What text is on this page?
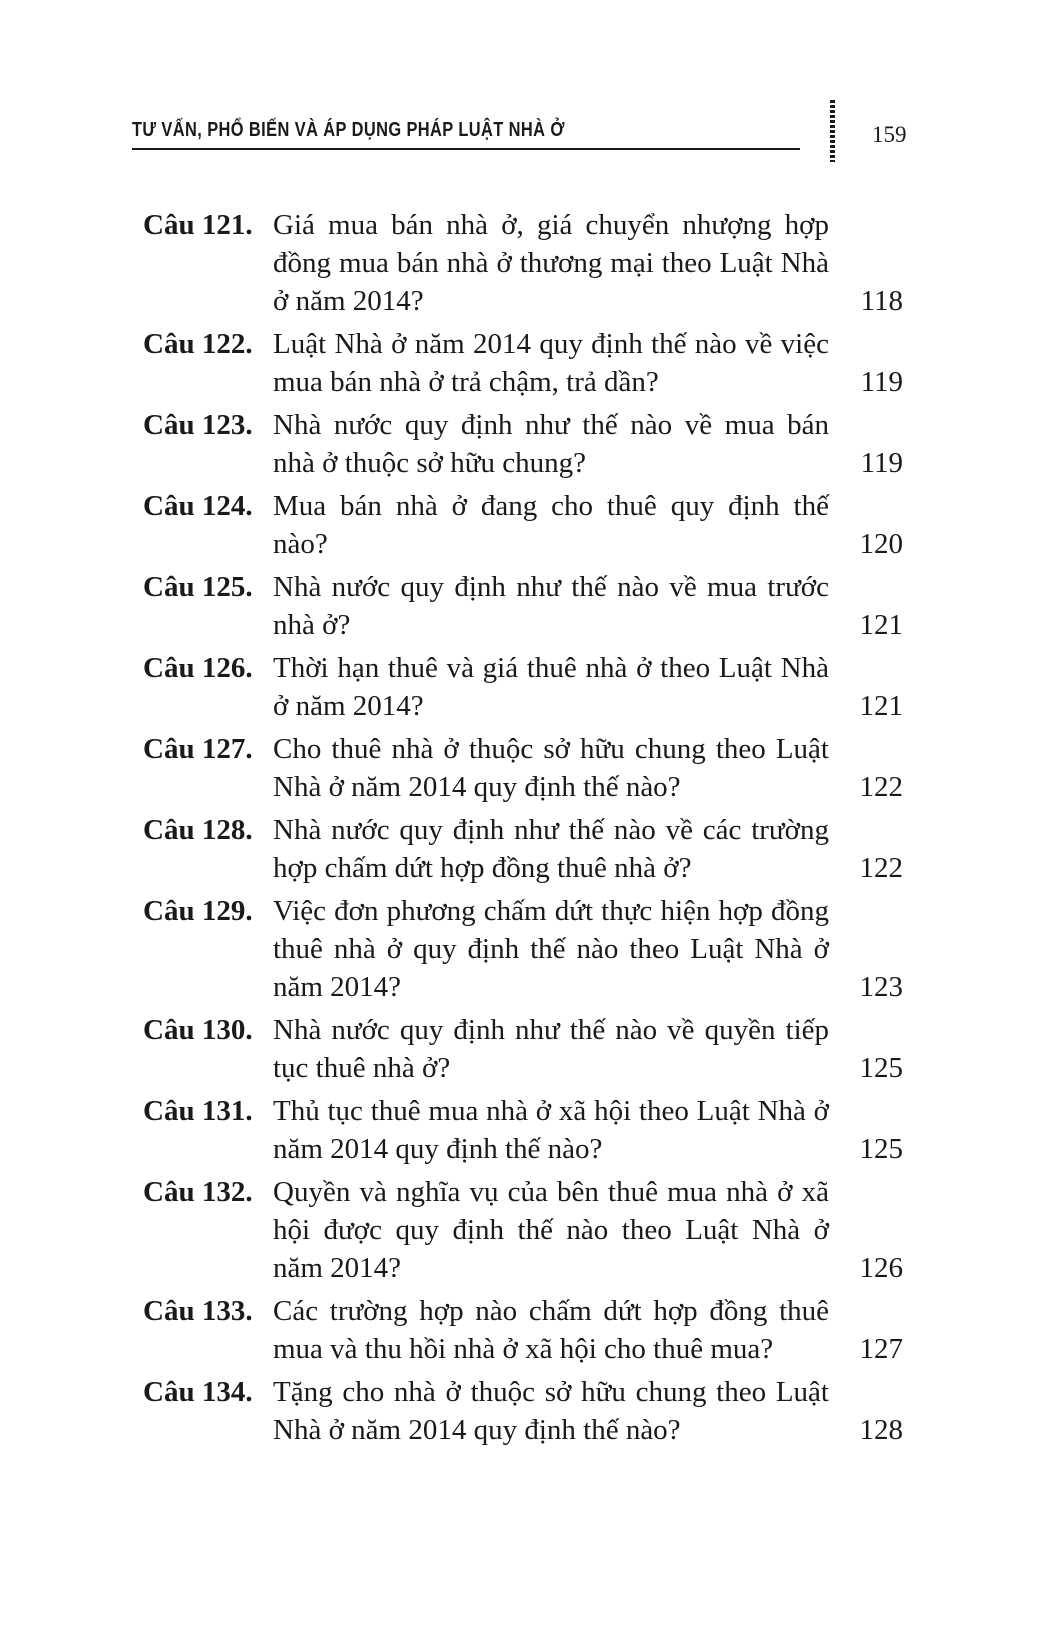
TƯ VẤN, PHỔ BIẾN VÀ ÁP DỤNG PHÁP LUẬT NHÀ Ở	159
Câu 121. Giá mua bán nhà ở, giá chuyển nhượng hợp đồng mua bán nhà ở thương mại theo Luật Nhà ở năm 2014?	118
Câu 122. Luật Nhà ở năm 2014 quy định thế nào về việc mua bán nhà ở trả chậm, trả dần?	119
Câu 123. Nhà nước quy định như thế nào về mua bán nhà ở thuộc sở hữu chung?	119
Câu 124. Mua bán nhà ở đang cho thuê quy định thế nào?	120
Câu 125. Nhà nước quy định như thế nào về mua trước nhà ở?	121
Câu 126. Thời hạn thuê và giá thuê nhà ở theo Luật Nhà ở năm 2014?	121
Câu 127. Cho thuê nhà ở thuộc sở hữu chung theo Luật Nhà ở năm 2014 quy định thế nào?	122
Câu 128. Nhà nước quy định như thế nào về các trường hợp chấm dứt hợp đồng thuê nhà ở?	122
Câu 129. Việc đơn phương chấm dứt thực hiện hợp đồng thuê nhà ở quy định thế nào theo Luật Nhà ở năm 2014?	123
Câu 130. Nhà nước quy định như thế nào về quyền tiếp tục thuê nhà ở?	125
Câu 131. Thủ tục thuê mua nhà ở xã hội theo Luật Nhà ở năm 2014 quy định thế nào?	125
Câu 132. Quyền và nghĩa vụ của bên thuê mua nhà ở xã hội được quy định thế nào theo Luật Nhà ở năm 2014?	126
Câu 133. Các trường hợp nào chấm dứt hợp đồng thuê mua và thu hồi nhà ở xã hội cho thuê mua?	127
Câu 134. Tặng cho nhà ở thuộc sở hữu chung theo Luật Nhà ở năm 2014 quy định thế nào?	128
